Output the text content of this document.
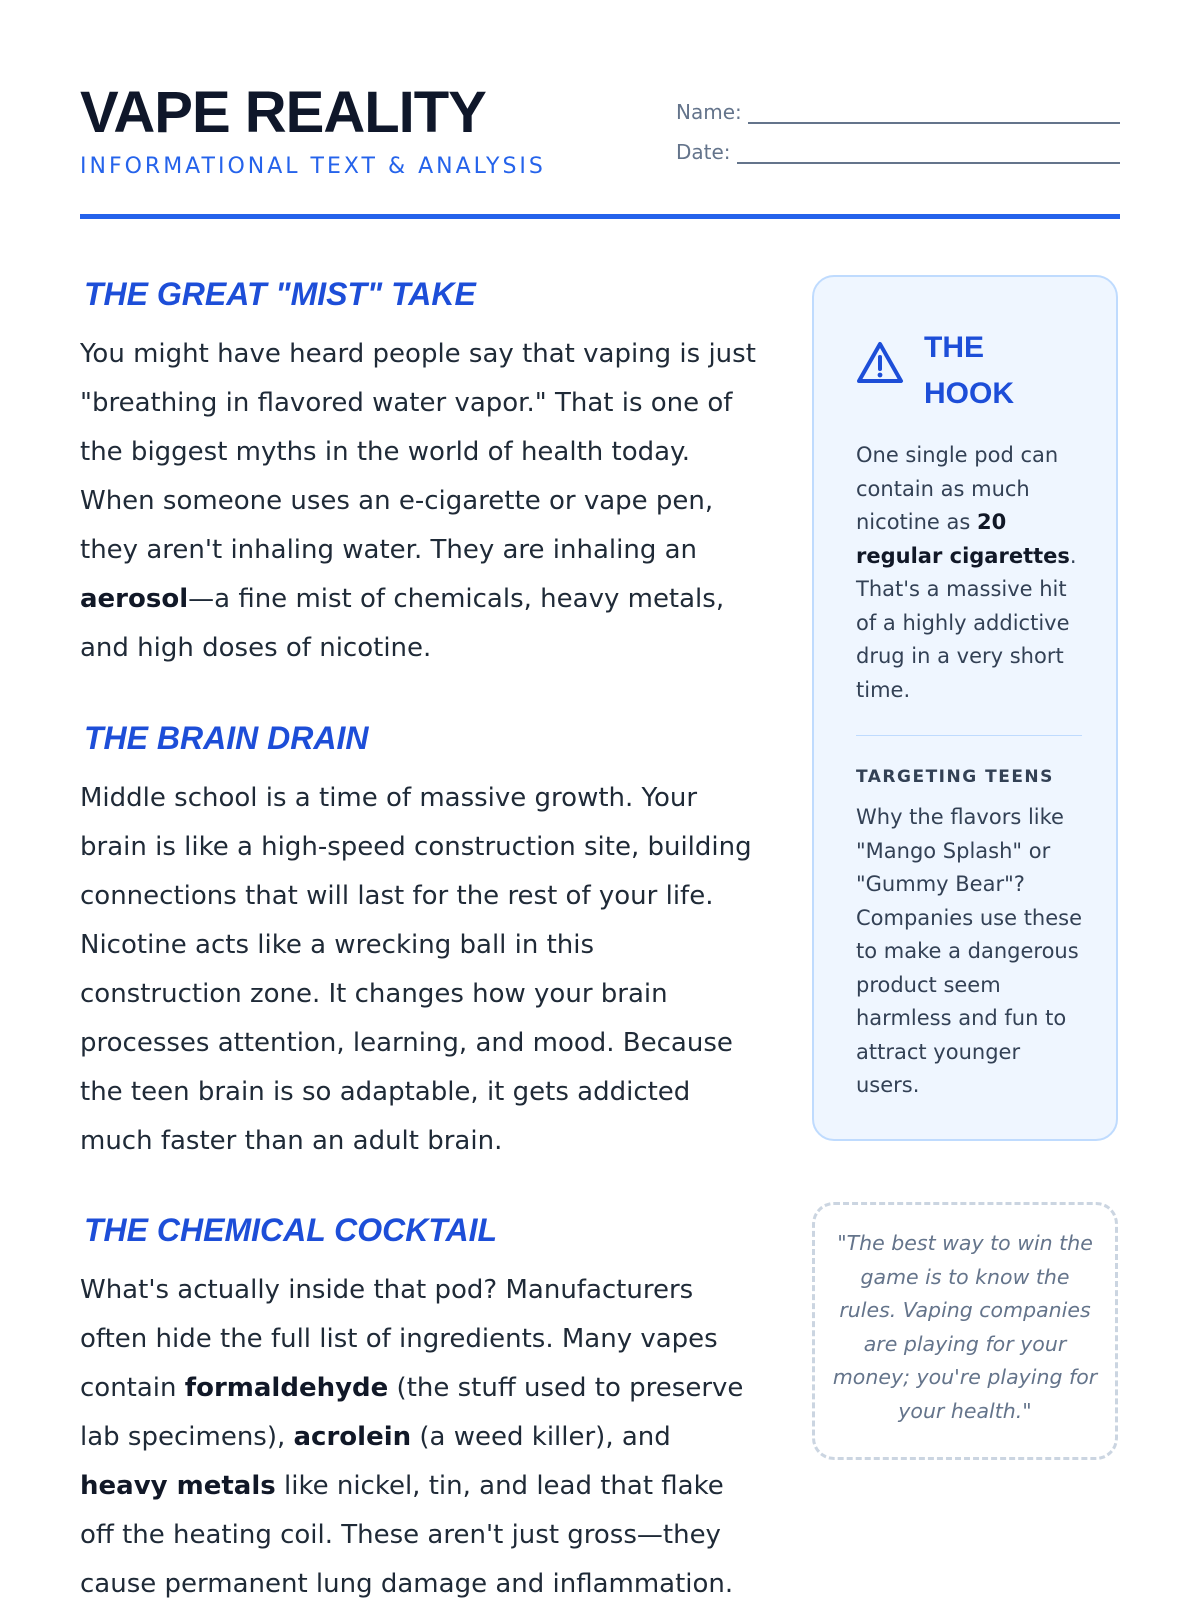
VAPE REALITY
INFORMATIONAL TEXT & ANALYSIS
Name:
Date:
THE GREAT "MIST" TAKE

You might have heard people say that vaping is just "breathing in flavored water vapor." That is one of the biggest myths in the world of health today. When someone uses an e-cigarette or vape pen, they aren't inhaling water. They are inhaling an aerosol—a fine mist of chemicals, heavy metals, and high doses of nicotine.

THE BRAIN DRAIN

Middle school is a time of massive growth. Your brain is like a high-speed construction site, building connections that will last for the rest of your life. Nicotine acts like a wrecking ball in this construction zone. It changes how your brain processes attention, learning, and mood. Because the teen brain is so adaptable, it gets addicted much faster than an adult brain.

THE CHEMICAL COCKTAIL

What's actually inside that pod? Manufacturers often hide the full list of ingredients. Many vapes contain formaldehyde (the stuff used to preserve lab specimens), acrolein (a weed killer), and heavy metals like nickel, tin, and lead that flake off the heating coil. These aren't just gross—they cause permanent lung damage and inflammation.

THE
HOOK

One single pod can contain as much nicotine as 20 regular cigarettes. That's a massive hit of a highly addictive drug in a very short time.

TARGETING TEENS

Why the flavors like "Mango Splash" or "Gummy Bear"? Companies use these to make a dangerous product seem harmless and fun to attract younger users.

"The best way to win the game is to know the rules. Vaping companies are playing for your money; you're playing for your health."
